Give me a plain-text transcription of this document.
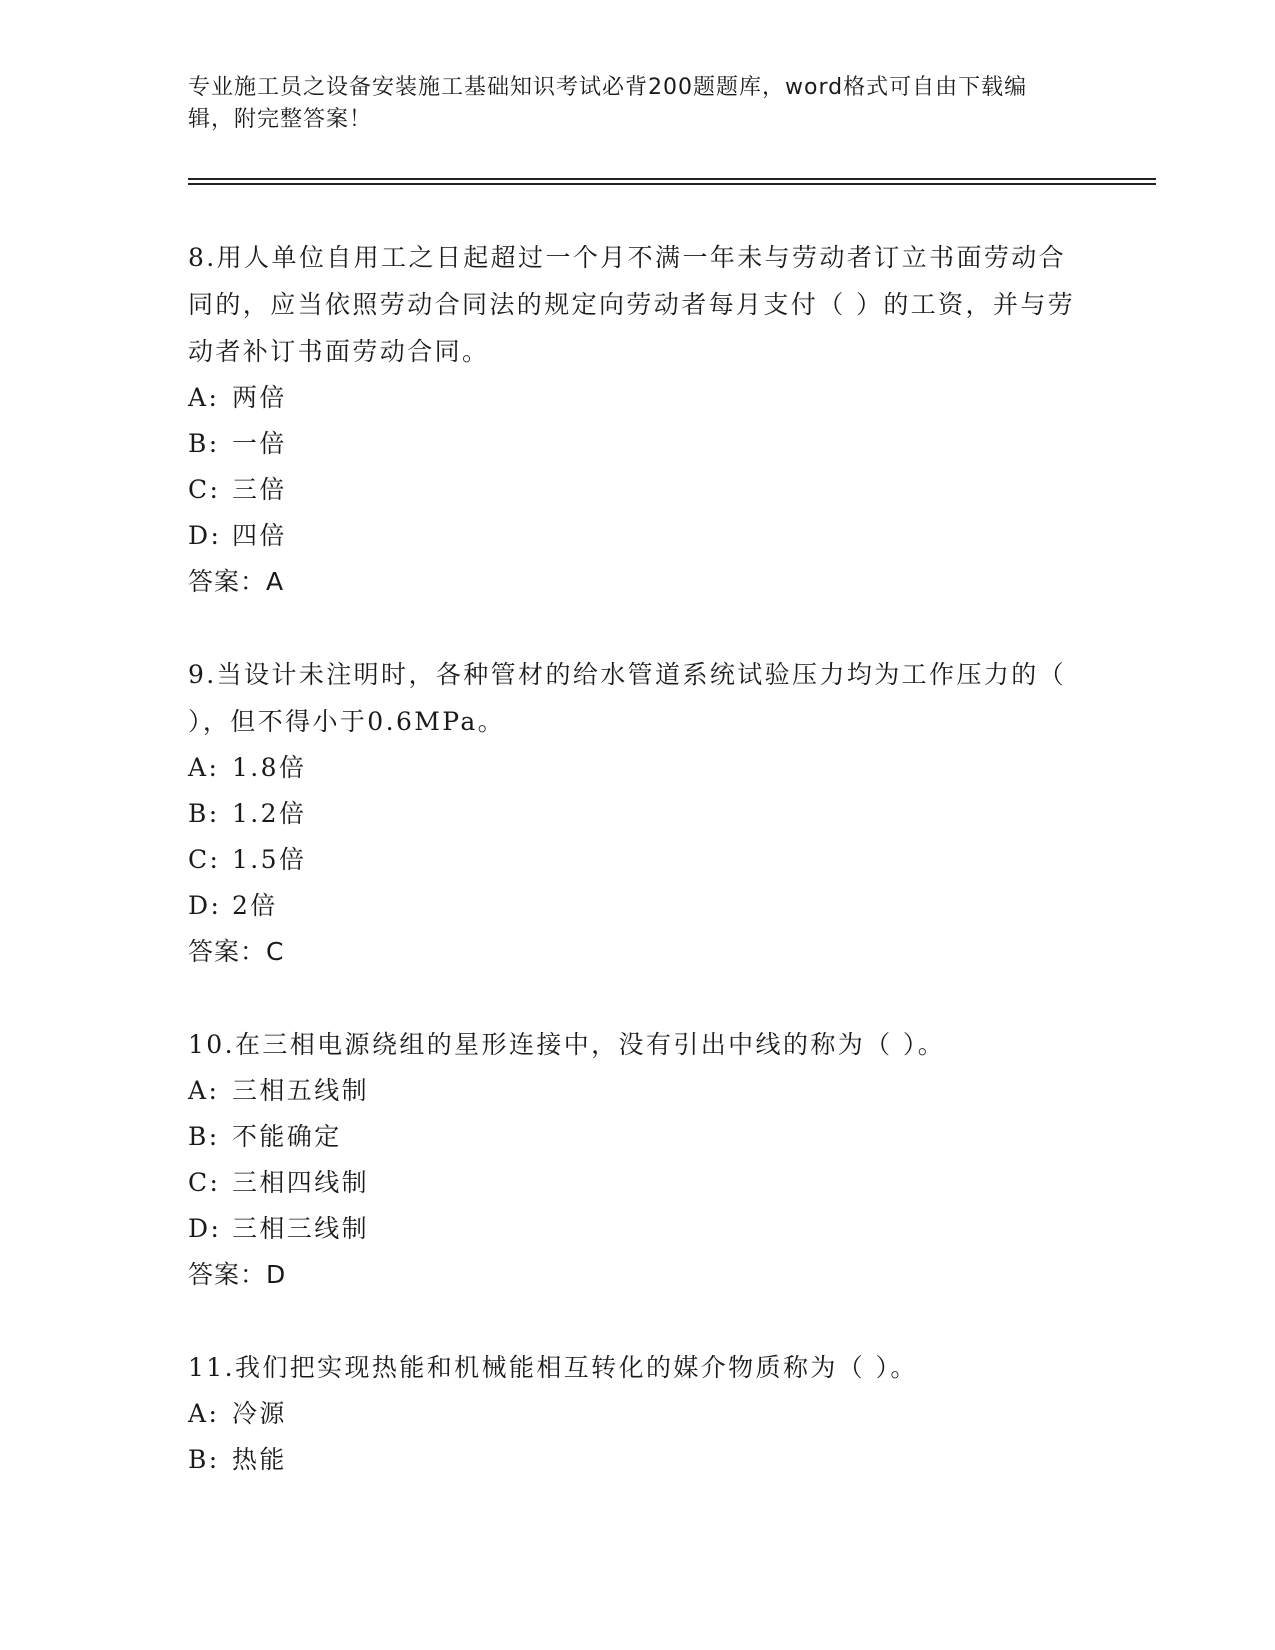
专业施工员之设备安装施工基础知识考试必背200题题库，word格式可自由下载编辑，附完整答案！

8.用人单位自用工之日起超过一个月不满一年未与劳动者订立书面劳动合同的，应当依照劳动合同法的规定向劳动者每月支付（ ）的工资，并与劳动者补订书面劳动合同。

A: 两倍
B: 一倍
C: 三倍
D: 四倍
答案：A

9.当设计未注明时，各种管材的给水管道系统试验压力均为工作压力的（ ），但不得小于0.6MPa。

A: 1.8倍
B: 1.2倍
C: 1.5倍
D: 2倍
答案：C

10.在三相电源绕组的星形连接中，没有引出中线的称为（ ）。

A: 三相五线制
B: 不能确定
C: 三相四线制
D: 三相三线制
答案：D

11.我们把实现热能和机械能相互转化的媒介物质称为（ ）。

A: 冷源
B: 热能
